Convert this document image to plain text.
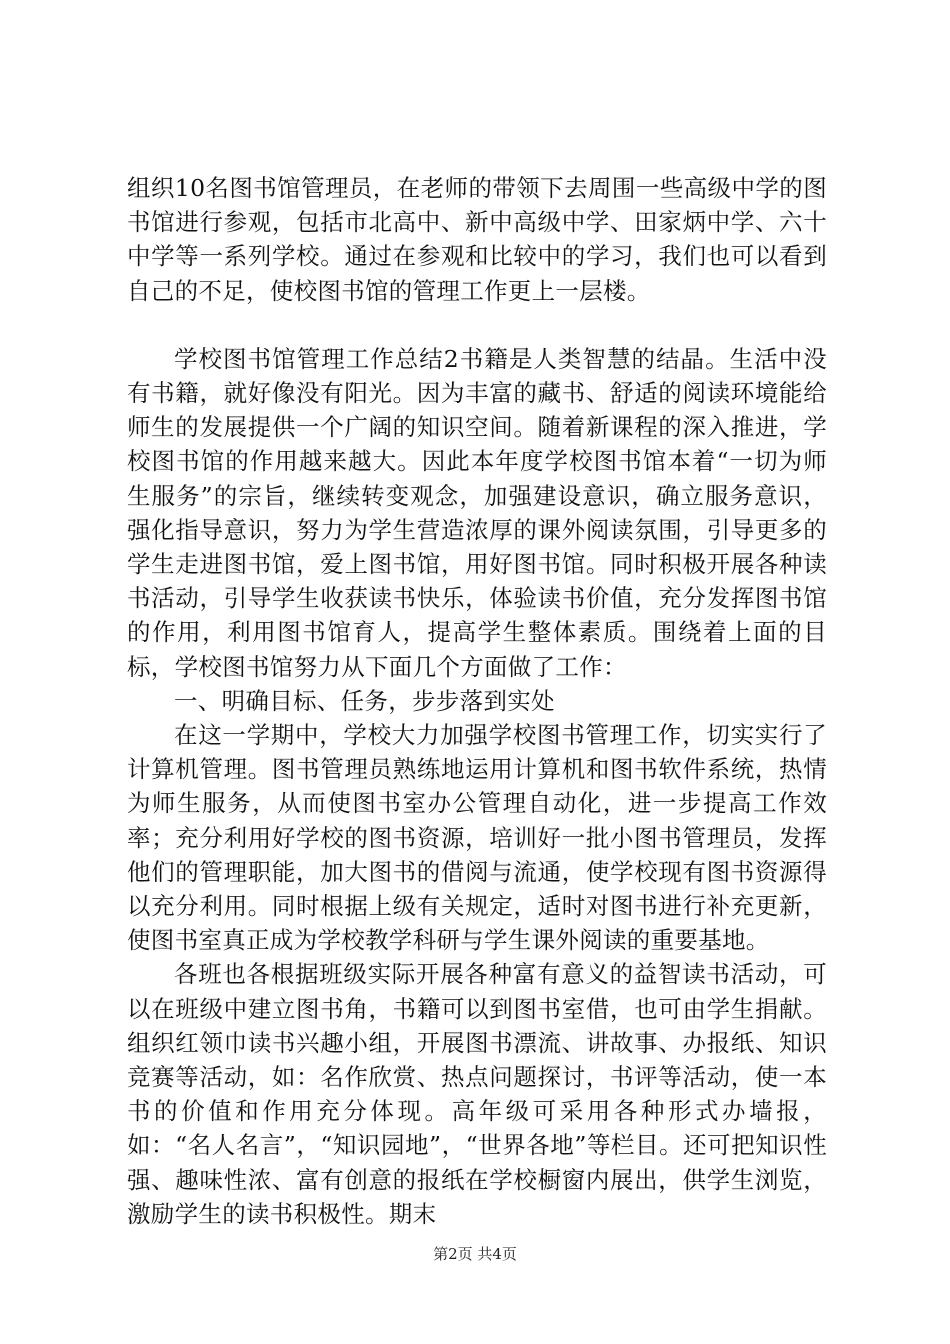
组织10名图书馆管理员，在老师的带领下去周围一些高级中学的图书馆进行参观，包括市北高中、新中高级中学、田家炳中学、六十中学等一系列学校。通过在参观和比较中的学习，我们也可以看到自己的不足，使校图书馆的管理工作更上一层楼。

学校图书馆管理工作总结2书籍是人类智慧的结晶。生活中没有书籍，就好像没有阳光。因为丰富的藏书、舒适的阅读环境能给师生的发展提供一个广阔的知识空间。随着新课程的深入推进，学校图书馆的作用越来越大。因此本年度学校图书馆本着“一切为师生服务”的宗旨，继续转变观念，加强建设意识，确立服务意识，强化指导意识，努力为学生营造浓厚的课外阅读氛围，引导更多的学生走进图书馆，爱上图书馆，用好图书馆。同时积极开展各种读书活动，引导学生收获读书快乐，体验读书价值，充分发挥图书馆的作用，利用图书馆育人，提高学生整体素质。围绕着上面的目标，学校图书馆努力从下面几个方面做了工作：

一、明确目标、任务，步步落到实处

在这一学期中，学校大力加强学校图书管理工作，切实实行了计算机管理。图书管理员熟练地运用计算机和图书软件系统，热情为师生服务，从而使图书室办公管理自动化，进一步提高工作效率；充分利用好学校的图书资源，培训好一批小图书管理员，发挥他们的管理职能，加大图书的借阅与流通，使学校现有图书资源得以充分利用。同时根据上级有关规定，适时对图书进行补充更新，使图书室真正成为学校教学科研与学生课外阅读的重要基地。

各班也各根据班级实际开展各种富有意义的益智读书活动，可以在班级中建立图书角，书籍可以到图书室借，也可由学生捐献。组织红领巾读书兴趣小组，开展图书漂流、讲故事、办报纸、知识竞赛等活动，如：名作欣赏、热点问题探讨，书评等活动，使一本书的价值和作用充分体现。高年级可采用各种形式办墙报，如：“名人名言”，“知识园地”，“世界各地”等栏目。还可把知识性强、趣味性浓、富有创意的报纸在学校橱窗内展出，供学生浏览，激励学生的读书积极性。期末

第2页 共4页
